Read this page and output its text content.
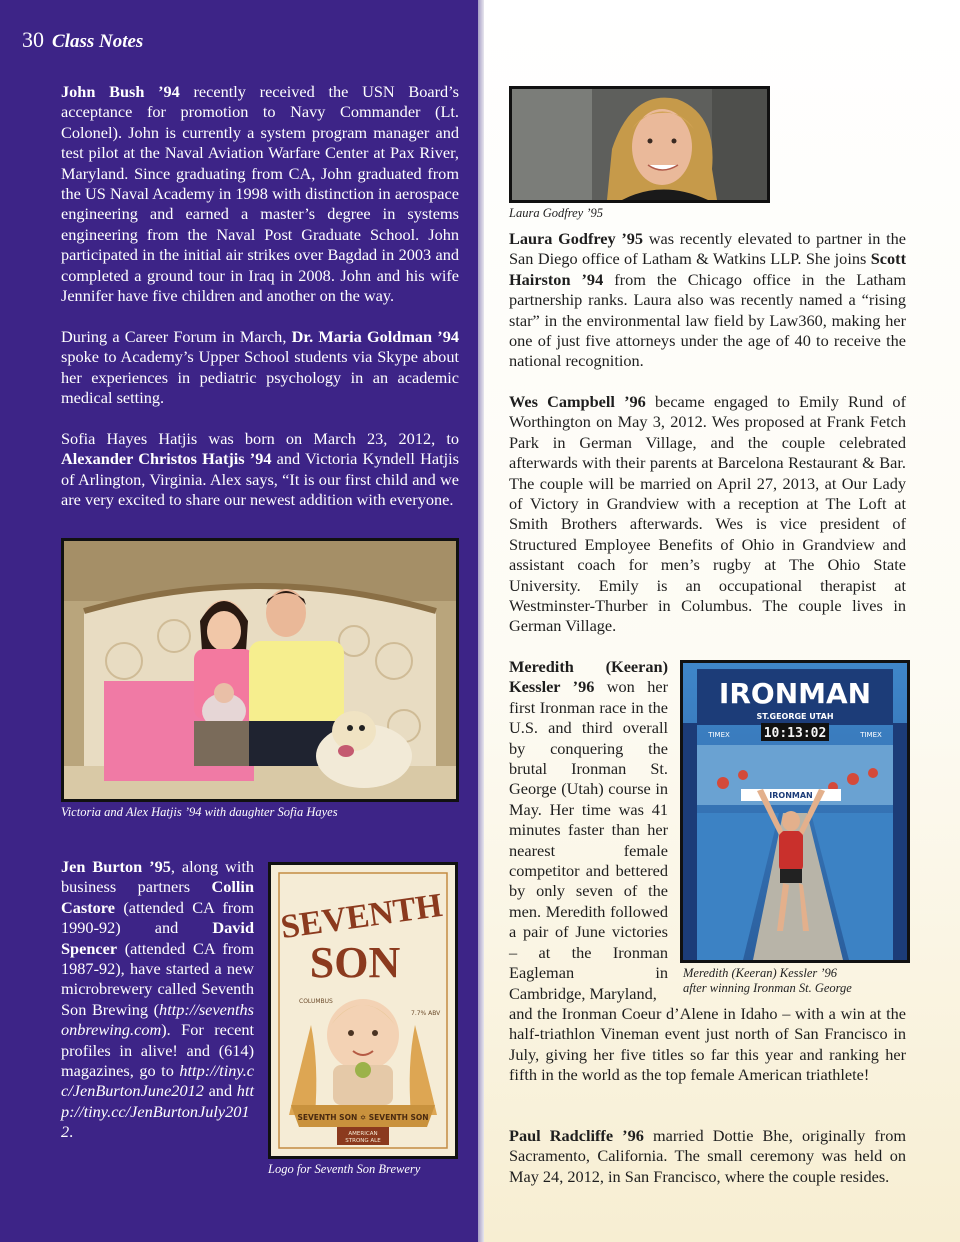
30 Class Notes
John Bush ’94 recently received the USN Board’s acceptance for promotion to Navy Commander (Lt. Colonel). John is currently a system program manager and test pilot at the Naval Aviation Warfare Center at Pax River, Maryland. Since graduating from CA, John graduated from the US Naval Academy in 1998 with distinction in aerospace engineering and earned a master’s degree in systems engineering from the Naval Post Graduate School. John participated in the initial air strikes over Bagdad in 2003 and completed a ground tour in Iraq in 2008. John and his wife Jennifer have five children and another on the way.
During a Career Forum in March, Dr. Maria Goldman ’94 spoke to Academy’s Upper School students via Skype about her experiences in pediatric psychology in an academic medical setting.
Sofia Hayes Hatjis was born on March 23, 2012, to Alexander Christos Hatjis ’94 and Victoria Kyndell Hatjis of Arlington, Virginia. Alex says, “It is our first child and we are very excited to share our newest addition with everyone.
Victoria and Alex Hatjis ’94 with daughter Sofia Hayes
Jen Burton ’95, along with business partners Collin Castore (attended CA from 1990-92) and David Spencer (attended CA from 1987-92), have started a new microbrewery called Seventh Son Brewing (http://seventhsonbrewing.com). For recent profiles in alive! and (614) magazines, go to http://tiny.cc/JenBurtonJune2012 and http://tiny.cc/JenBurtonJuly2012.
SEVENTH
SON
COLUMBUS
7.7% ABV
SEVENTH SON ✡ SEVENTH SON
AMERICAN
STRONG ALE
Logo for Seventh Son Brewery
Laura Godfrey ’95
Laura Godfrey ’95 was recently elevated to partner in the San Diego office of Latham & Watkins LLP. She joins Scott Hairston ’94 from the Chicago office in the Latham partnership ranks. Laura also was recently named a “rising star” in the environmental law field by Law360, making her one of just five attorneys under the age of 40 to receive the national recognition.
Wes Campbell ’96 became engaged to Emily Rund of Worthington on May 3, 2012. Wes proposed at Frank Fetch Park in German Village, and the couple celebrated afterwards with their parents at Barcelona Restaurant & Bar. The couple will be married on April 27, 2013, at Our Lady of Victory in Grandview with a reception at The Loft at Smith Brothers afterwards. Wes is vice president of Structured Employee Benefits of Ohio in Grandview and assistant coach for men’s rugby at The Ohio State University. Emily is an occupational therapist at Westminster-Thurber in Columbus. The couple lives in German Village.
Meredith (Keeran) Kessler ’96 won her first Ironman race in the U.S. and third overall by conquering the brutal Ironman St. George (Utah) course in May. Her time was 41 minutes faster than her nearest female competitor and bettered by only seven of the men. Meredith followed a pair of June victories – at the Ironman Eagleman in Cambridge, Maryland,
IRONMAN
ST.GEORGE UTAH
10:13:02
TIMEX	TIMEX
IRONMAN
Meredith (Keeran) Kessler ’96 after winning Ironman St. George
and the Ironman Coeur d’Alene in Idaho – with a win at the half-triathlon Vineman event just north of San Francisco in July, giving her five titles so far this year and ranking her fifth in the world as the top female American triathlete!
Paul Radcliffe ’96 married Dottie Bhe, originally from Sacramento, California. The small ceremony was held on May 24, 2012, in San Francisco, where the couple resides.
